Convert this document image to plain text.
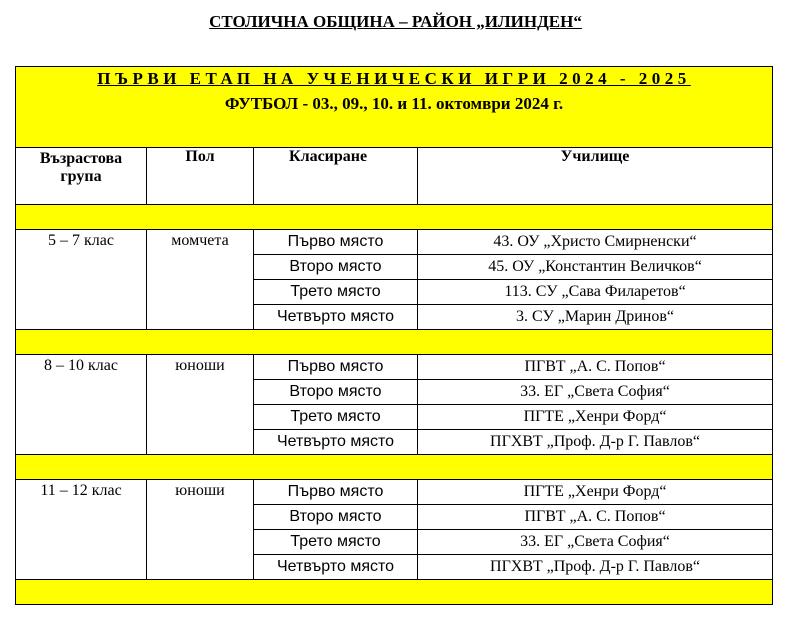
СТОЛИЧНА ОБЩИНА – РАЙОН „ИЛИНДЕН“
ПЪРВИ ЕТАП НА УЧЕНИЧЕСКИ ИГРИ 2024 - 2025
ФУТБОЛ - 03., 09., 10. и 11. октомври 2024 г.			

Възрастова група	Пол	Класиране	Училище

5 – 7 клас	момчета	Първо място	43. ОУ „Христо Смирненски“
		Второ място	45. ОУ „Константин Величков“
		Трето място	113. СУ „Сава Филаретов“
		Четвърто място	3. СУ „Марин Дринов“

8 – 10 клас	юноши	Първо място	ПГВТ „А. С. Попов“
		Второ място	33. ЕГ „Света София“
		Трето място	ПГТЕ „Хенри Форд“
		Четвърто място	ПГХВТ „Проф. Д-р Г. Павлов“

11 – 12 клас	юноши	Първо място	ПГТЕ „Хенри Форд“
		Второ място	ПГВТ „А. С. Попов“
		Трето място	33. ЕГ „Света София“
		Четвърто място	ПГХВТ „Проф. Д-р Г. Павлов“
